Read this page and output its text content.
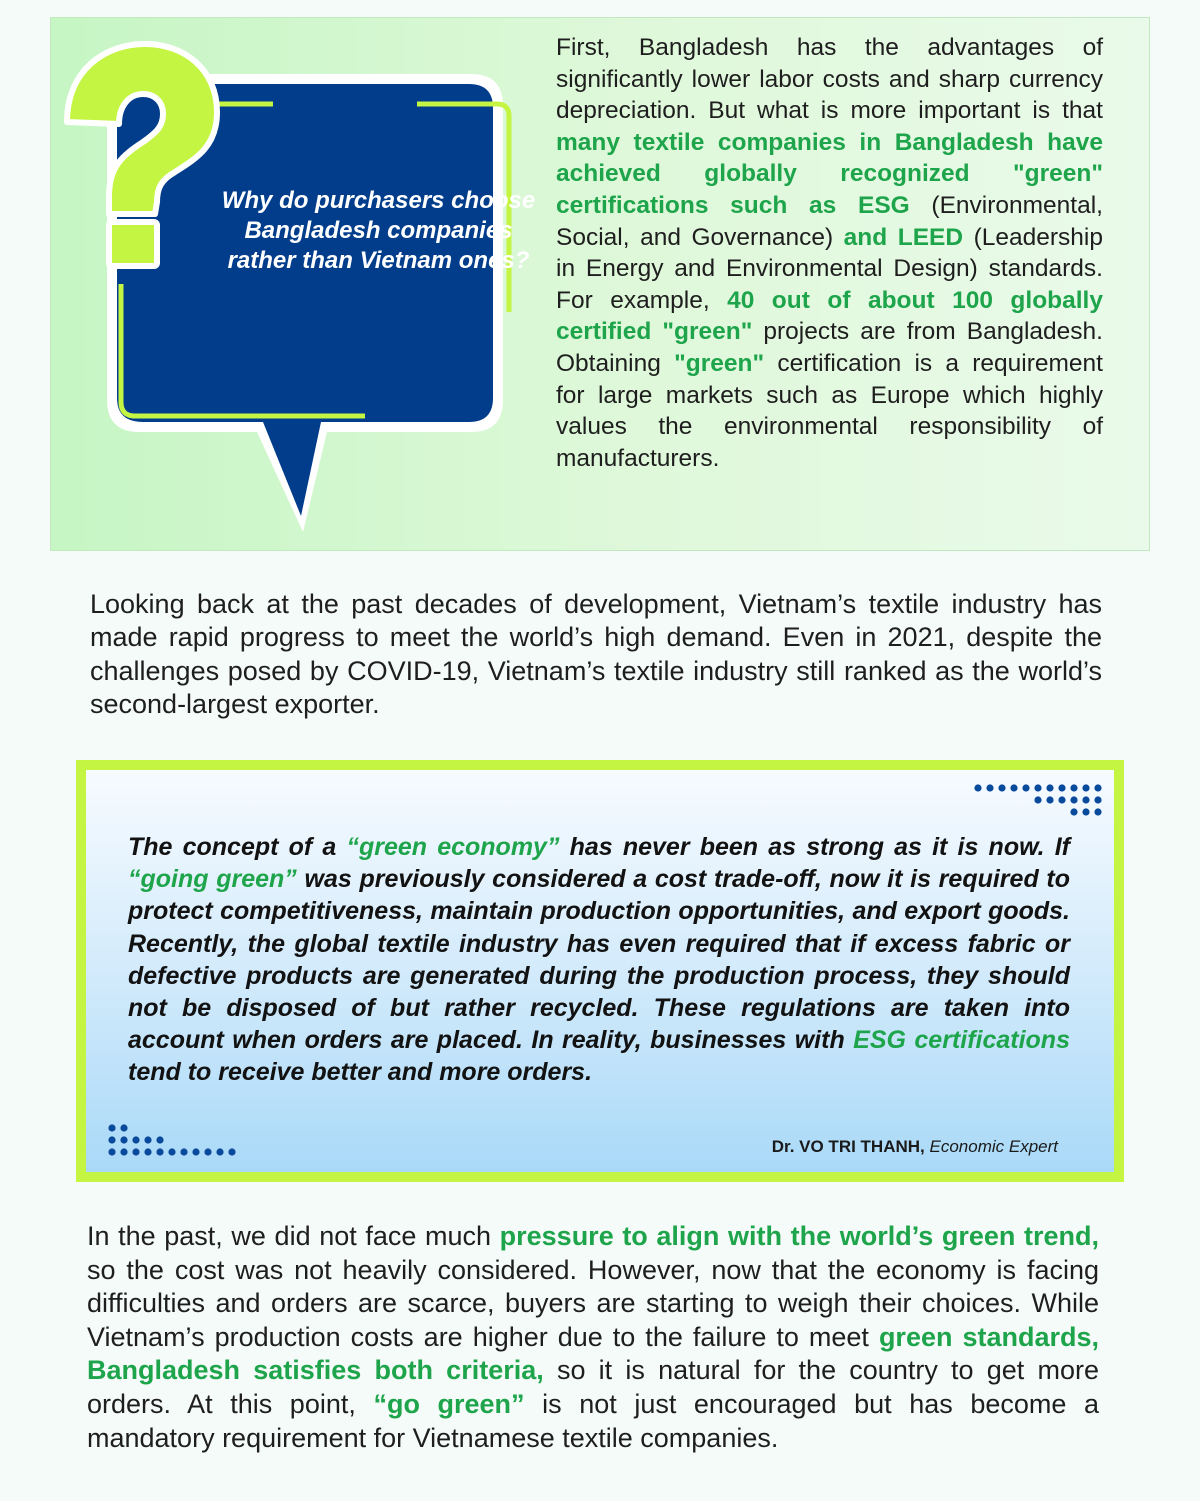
Why do purchasers choose Bangladesh companies rather than Vietnam ones?

First, Bangladesh has the advantages of significantly lower labor costs and sharp currency depreciation. But what is more important is that many textile companies in Bangladesh have achieved globally recognized "green" certifications such as ESG (Environmental, Social, and Governance) and LEED (Leadership in Energy and Environmental Design) standards. For example, 40 out of about 100 globally certified "green" projects are from Bangladesh. Obtaining "green" certification is a requirement for large markets such as Europe which highly values the environmental responsibility of manufacturers.

Looking back at the past decades of development, Vietnam’s textile industry has made rapid progress to meet the world’s high demand. Even in 2021, despite the challenges posed by COVID-19, Vietnam’s textile industry still ranked as the world’s second-largest exporter.

The concept of a “green economy” has never been as strong as it is now. If “going green” was previously considered a cost trade-off, now it is required to protect competitiveness, maintain production opportunities, and export goods. Recently, the global textile industry has even required that if excess fabric or defective products are generated during the production process, they should not be disposed of but rather recycled. These regulations are taken into account when orders are placed. In reality, businesses with ESG certifications tend to receive better and more orders.

Dr. VO TRI THANH, Economic Expert

In the past, we did not face much pressure to align with the world’s green trend, so the cost was not heavily considered. However, now that the economy is facing difficulties and orders are scarce, buyers are starting to weigh their choices. While Vietnam’s production costs are higher due to the failure to meet green standards, Bangladesh satisfies both criteria, so it is natural for the country to get more orders. At this point, “go green” is not just encouraged but has become a mandatory requirement for Vietnamese textile companies.
